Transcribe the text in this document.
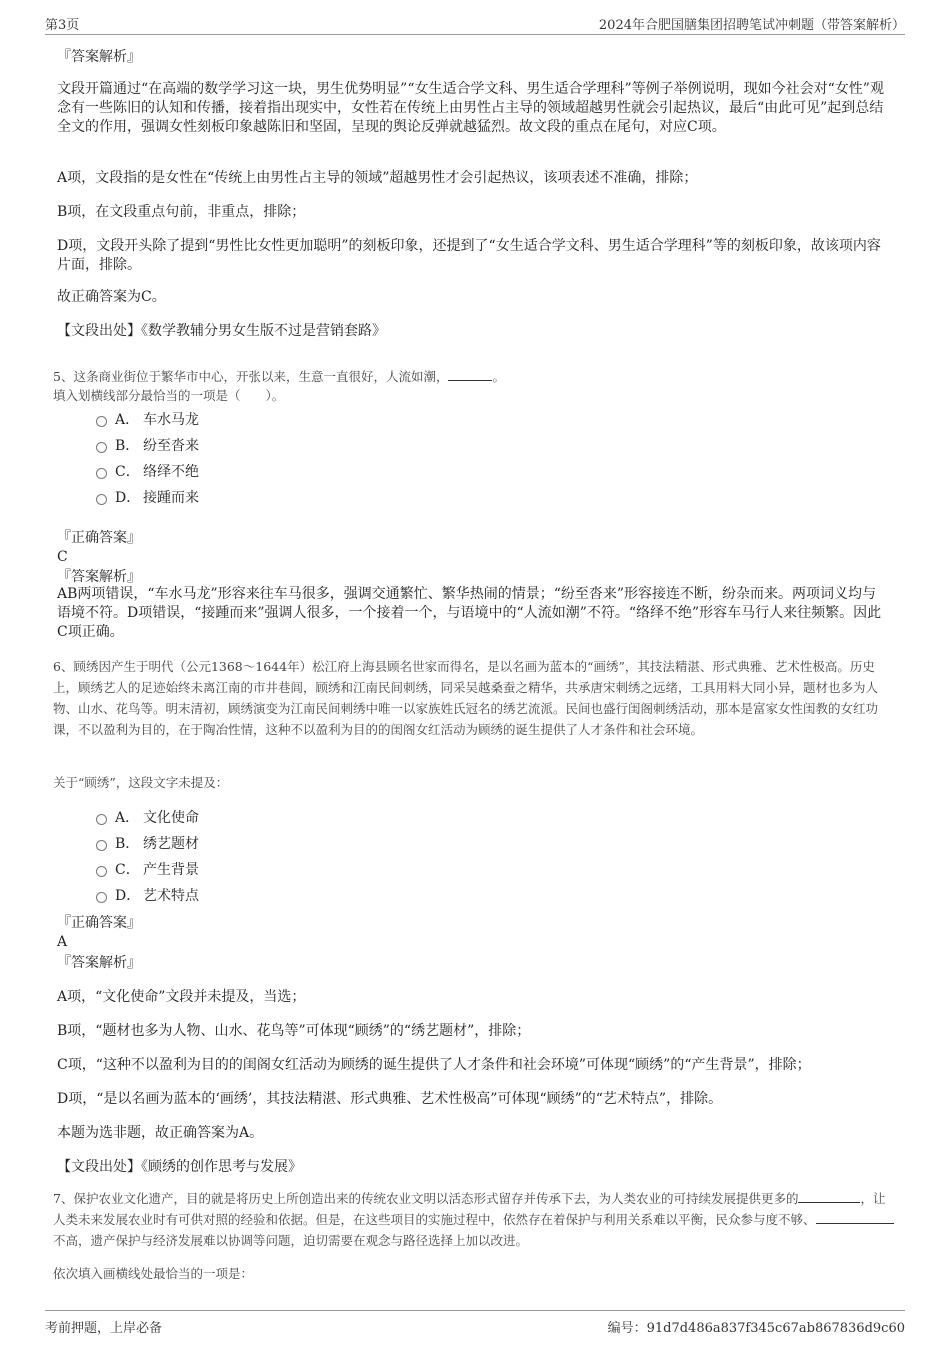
第3页	2024年合肥国膳集团招聘笔试冲刺题（带答案解析）
『答案解析』
文段开篇通过“在高端的数学学习这一块，男生优势明显”“女生适合学文科、男生适合学理科”等例子举例说明，现如今社会对“女性”观念有一些陈旧的认知和传播，接着指出现实中，女性若在传统上由男性占主导的领域超越男性就会引起热议，最后“由此可见”起到总结全文的作用，强调女性刻板印象越陈旧和坚固，呈现的舆论反弹就越猛烈。故文段的重点在尾句，对应C项。
A项，文段指的是女性在“传统上由男性占主导的领域”超越男性才会引起热议，该项表述不准确，排除；
B项，在文段重点句前，非重点，排除；
D项，文段开头除了提到“男性比女性更加聪明”的刻板印象，还提到了“女生适合学文科、男生适合学理科”等的刻板印象，故该项内容片面，排除。
故正确答案为C。
【文段出处】《数学教辅分男女生版不过是营销套路》
5、这条商业街位于繁华市中心，开张以来，生意一直很好，人流如潮，	。
填入划横线部分最恰当的一项是（　　）。
A． 车水马龙
B． 纷至沓来
C． 络绎不绝
D． 接踵而来
『正确答案』
C
『答案解析』
AB两项错误，“车水马龙”形容来往车马很多，强调交通繁忙、繁华热闹的情景；“纷至沓来”形容接连不断，纷杂而来。两项词义均与语境不符。D项错误，“接踵而来”强调人很多，一个接着一个，与语境中的“人流如潮”不符。“络绎不绝”形容车马行人来往频繁。因此C项正确。
6、顾绣因产生于明代（公元1368～1644年）松江府上海县顾名世家而得名，是以名画为蓝本的“画绣”，其技法精湛、形式典雅、艺术性极高。历史上，顾绣艺人的足迹始终未离江南的市井巷闾，顾绣和江南民间刺绣，同采吴越桑蚕之精华，共承唐宋刺绣之远绪，工具用料大同小异，题材也多为人物、山水、花鸟等。明末清初，顾绣演变为江南民间刺绣中唯一以家族姓氏冠名的绣艺流派。民间也盛行闺阁刺绣活动，那本是富家女性闺教的女红功课，不以盈利为目的，在于陶冶性情，这种不以盈利为目的的闺阁女红活动为顾绣的诞生提供了人才条件和社会环境。
关于“顾绣”，这段文字未提及：
A． 文化使命
B． 绣艺题材
C． 产生背景
D． 艺术特点
『正确答案』
A
『答案解析』
A项，“文化使命”文段并未提及，当选；
B项，“题材也多为人物、山水、花鸟等”可体现“顾绣”的“绣艺题材”，排除；
C项，“这种不以盈利为目的的闺阁女红活动为顾绣的诞生提供了人才条件和社会环境”可体现“顾绣”的“产生背景”，排除；
D项，“是以名画为蓝本的‘画绣’，其技法精湛、形式典雅、艺术性极高”可体现“顾绣”的“艺术特点”，排除。
本题为选非题，故正确答案为A。
【文段出处】《顾绣的创作思考与发展》
7、保护农业文化遗产，目的就是将历史上所创造出来的传统农业文明以活态形式留存并传承下去，为人类农业的可持续发展提供更多的	，让人类未来发展农业时有可供对照的经验和依据。但是，在这些项目的实施过程中，依然存在着保护与利用关系难以平衡，民众参与度不够、不高，遗产保护与经济发展难以协调等问题，迫切需要在观念与路径选择上加以改进。
依次填入画横线处最恰当的一项是：
考前押题，上岸必备	编号：91d7d486a837f345c67ab867836d9c60
